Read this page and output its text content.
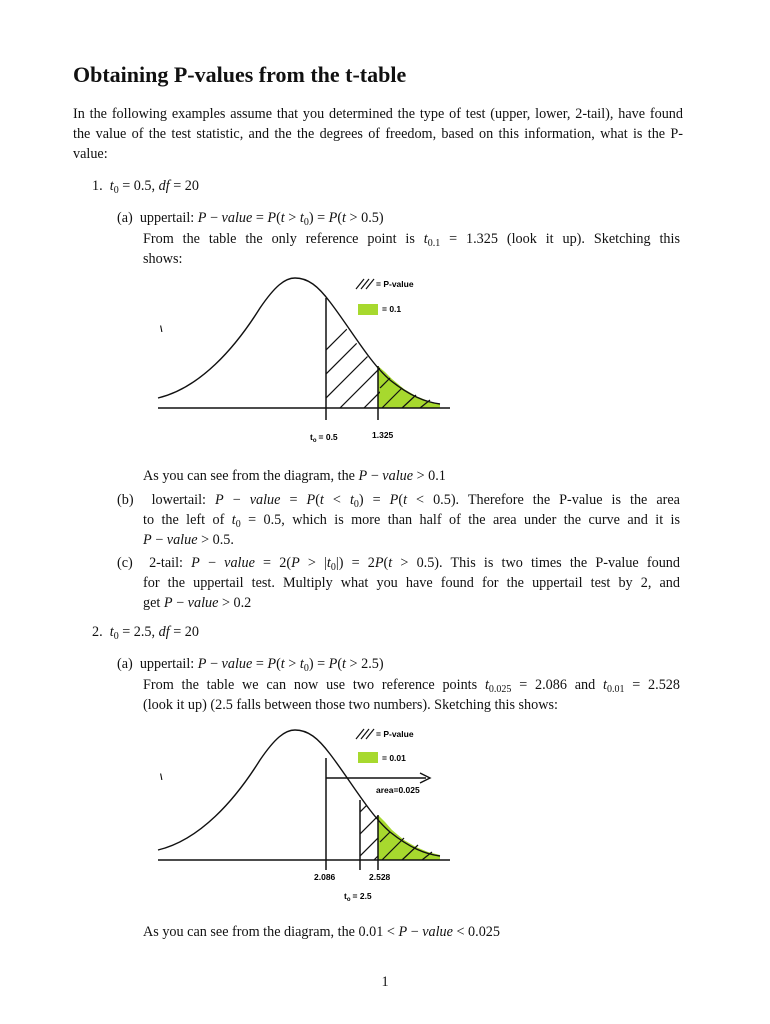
Obtaining P-values from the t-table
In the following examples assume that you determined the type of test (upper, lower, 2-tail), have found the value of the test statistic, and the the degrees of freedom, based on this information, what is the P-value:
1.  $t_0 = 0.5$, df = 20
(a)  uppertail: P − value = $P(t > t_0) = P(t > 0.5)$
From the table the only reference point is $t_{0.1} = 1.325$ (look it up). Sketching this
shows:
= P-value
= 0.1
\
$t_o = 0.5$	1.325
As you can see from the diagram, the P − value > 0.1
(b)  lowertail: P − value = $P(t < t_0) = P(t < 0.5)$. Therefore the P-value is the area
to the left of $t_0 = 0.5$, which is more than half of the area under the curve and it is
P − value > 0.5.
(c)  2-tail: P − value = $2(P > |t_0|) = 2P(t > 0.5)$. This is two times the P-value found
for the uppertail test. Multiply what you have found for the uppertail test by 2, and
get P − value > 0.2
2.  $t_0 = 2.5$, df = 20
(a)  uppertail: P − value = $P(t > t_0) = P(t > 2.5)$
From the table we can now use two reference points $t_{0.025} = 2.086$ and $t_{0.01} = 2.528$
(look it up) (2.5 falls between those two numbers). Sketching this shows:
area=0.025
= P-value
= 0.01
\
2.086	2.528
$t_o = 2.5$
As you can see from the diagram, the 0.01 < P − value < 0.025
1
